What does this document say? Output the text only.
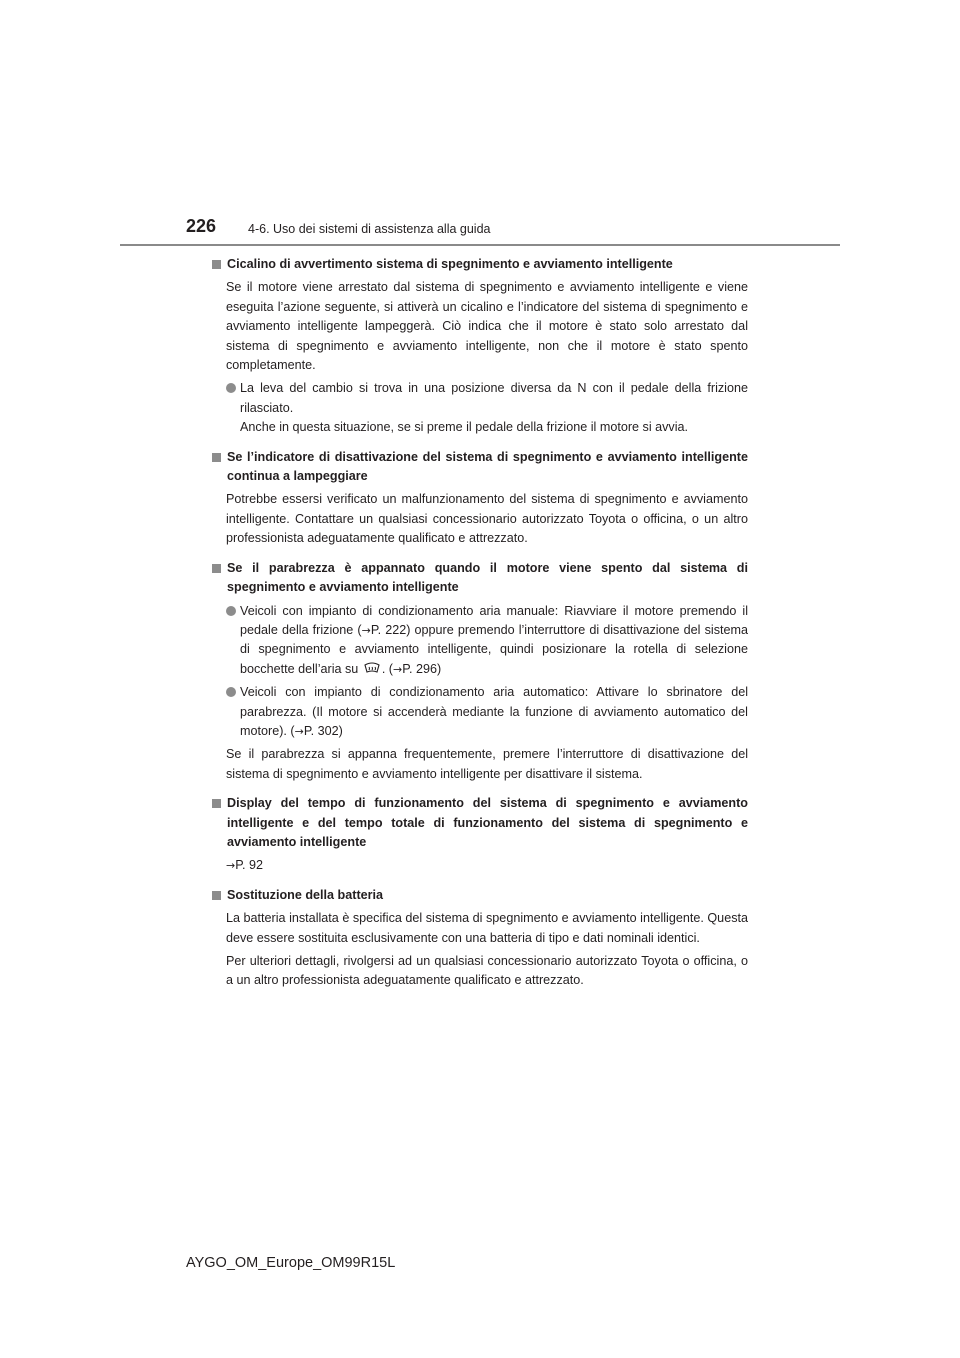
226	4-6. Uso dei sistemi di assistenza alla guida
Cicalino di avvertimento sistema di spegnimento e avviamento intelligente
Se il motore viene arrestato dal sistema di spegnimento e avviamento intelligente e viene eseguita l’azione seguente, si attiverà un cicalino e l’indicatore del sistema di spegnimento e avviamento intelligente lampeggerà. Ciò indica che il motore è stato solo arrestato dal sistema di spegnimento e avviamento intelligente, non che il motore è stato spento completamente.
La leva del cambio si trova in una posizione diversa da N con il pedale della frizione rilasciato.
Anche in questa situazione, se si preme il pedale della frizione il motore si avvia.
Se l’indicatore di disattivazione del sistema di spegnimento e avviamento intelligente continua a lampeggiare
Potrebbe essersi verificato un malfunzionamento del sistema di spegnimento e avviamento intelligente. Contattare un qualsiasi concessionario autorizzato Toyota o officina, o un altro professionista adeguatamente qualificato e attrezzato.
Se il parabrezza è appannato quando il motore viene spento dal sistema di spegnimento e avviamento intelligente
Veicoli con impianto di condizionamento aria manuale: Riavviare il motore premendo il pedale della frizione (→P. 222) oppure premendo l’interruttore di disattivazione del sistema di spegnimento e avviamento intelligente, quindi posizionare la rotella di selezione bocchette dell’aria su . (→P. 296)
Veicoli con impianto di condizionamento aria automatico: Attivare lo sbrinatore del parabrezza. (Il motore si accenderà mediante la funzione di avviamento automatico del motore). (→P. 302)
Se il parabrezza si appanna frequentemente, premere l’interruttore di disattivazione del sistema di spegnimento e avviamento intelligente per disattivare il sistema.
Display del tempo di funzionamento del sistema di spegnimento e avviamento intelligente e del tempo totale di funzionamento del sistema di spegnimento e avviamento intelligente
→P. 92
Sostituzione della batteria
La batteria installata è specifica del sistema di spegnimento e avviamento intelligente. Questa deve essere sostituita esclusivamente con una batteria di tipo e dati nominali identici.
Per ulteriori dettagli, rivolgersi ad un qualsiasi concessionario autorizzato Toyota o officina, o a un altro professionista adeguatamente qualificato e attrezzato.
AYGO_OM_Europe_OM99R15L
